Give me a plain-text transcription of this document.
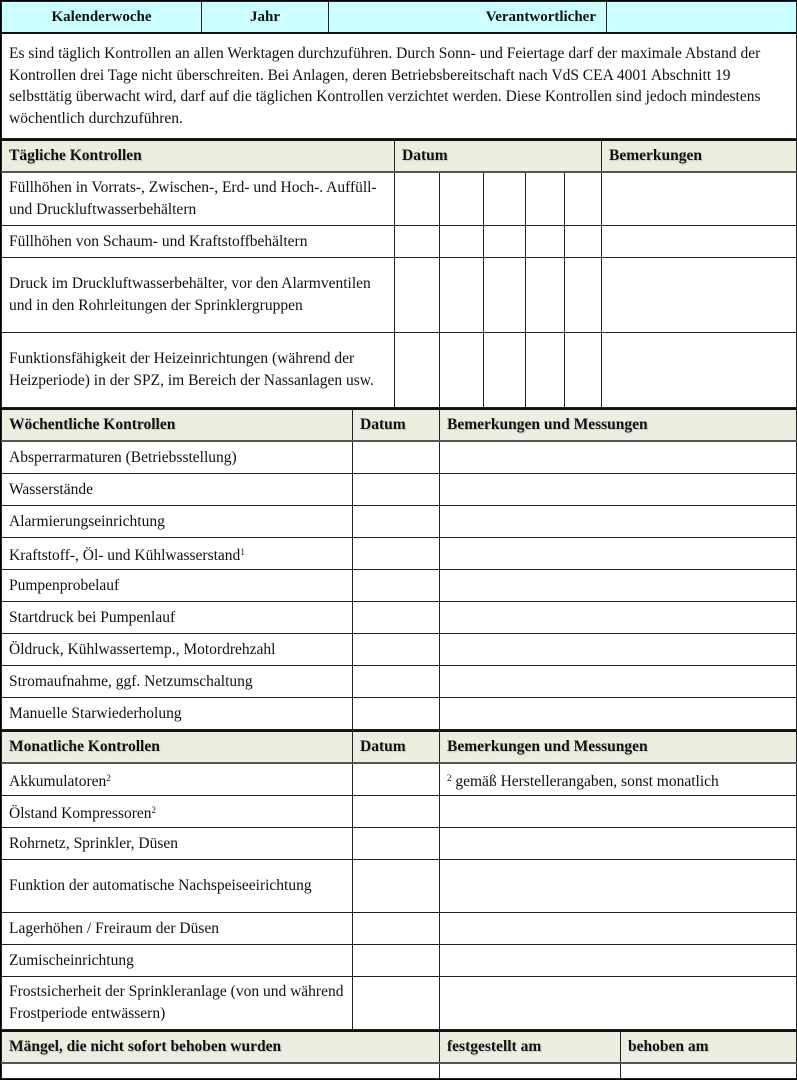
Kalenderwoche	Jahr	Verantwortlicher	
Es sind täglich Kontrollen an allen Werktagen durchzuführen. Durch Sonn- und Feiertage darf der maximale Abstand der Kontrollen drei Tage nicht überschreiten. Bei Anlagen, deren Betriebsbereitschaft nach VdS CEA 4001 Abschnitt 19 selbsttätig überwacht wird, darf auf die täglichen Kontrollen verzichtet werden. Diese Kontrollen sind jedoch mindestens wöchentlich durchzuführen.
Tägliche Kontrollen	Datum					Bemerkungen
Füllhöhen in Vorrats-, Zwischen-, Erd- und Hoch-. Auffüll- und Druckluftwasserbehältern						
Füllhöhen von Schaum- und Kraftstoffbehältern						
Druck im Druckluftwasserbehälter, vor den Alarmventilen und in den Rohrleitungen der Sprinklergruppen						
Funktionsfähigkeit der Heizeinrichtungen (während der Heizperiode) in der SPZ, im Bereich der Nassanlagen usw.						
Wöchentliche Kontrollen	Datum	Bemerkungen und Messungen
Absperrarmaturen (Betriebsstellung)		
Wasserstände		
Alarmierungseinrichtung		
Kraftstoff-, Öl- und Kühlwasserstand$^1$		
Pumpenprobelauf		
Startdruck bei Pumpenlauf		
Öldruck, Kühlwassertemp., Motordrehzahl		
Stromaufnahme, ggf. Netzumschaltung		
Manuelle Starwiederholung		
Monatliche Kontrollen	Datum	Bemerkungen und Messungen
Akkumulatoren$^2$		$^2$ gemäß Herstellerangaben, sonst monatlich
Ölstand Kompressoren$^2$		
Rohrnetz, Sprinkler, Düsen		
Funktion der automatische Nachspeiseeirichtung		
Lagerhöhen / Freiraum der Düsen		
Zumischeinrichtung		
Frostsicherheit der Sprinkleranlage (von und während Frostperiode entwässern)		
Mängel, die nicht sofort behoben wurden	festgestellt am	behoben am
